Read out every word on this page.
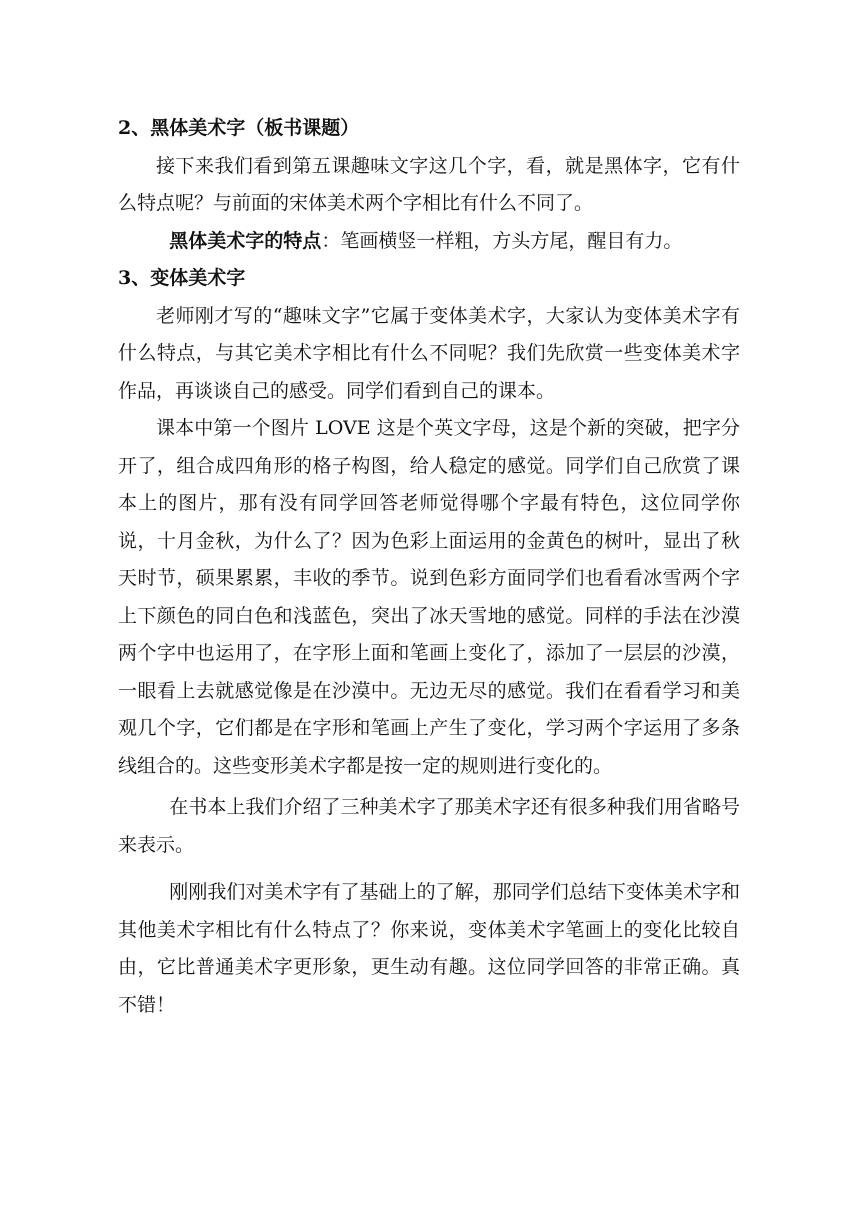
2、黑体美术字（板书课题）

接下来我们看到第五课趣味文字这几个字，看，就是黑体字，它有什么特点呢？与前面的宋体美术两个字相比有什么不同了。

黑体美术字的特点：笔画横竖一样粗，方头方尾，醒目有力。

3、变体美术字

老师刚才写的“趣味文字”它属于变体美术字，大家认为变体美术字有什么特点，与其它美术字相比有什么不同呢？我们先欣赏一些变体美术字作品，再谈谈自己的感受。同学们看到自己的课本。

课本中第一个图片 LOVE 这是个英文字母，这是个新的突破，把字分开了，组合成四角形的格子构图，给人稳定的感觉。同学们自己欣赏了课本上的图片，那有没有同学回答老师觉得哪个字最有特色，这位同学你说，十月金秋，为什么了？因为色彩上面运用的金黄色的树叶，显出了秋天时节，硕果累累，丰收的季节。说到色彩方面同学们也看看冰雪两个字上下颜色的同白色和浅蓝色，突出了冰天雪地的感觉。同样的手法在沙漠两个字中也运用了，在字形上面和笔画上变化了，添加了一层层的沙漠，一眼看上去就感觉像是在沙漠中。无边无尽的感觉。我们在看看学习和美观几个字，它们都是在字形和笔画上产生了变化，学习两个字运用了多条线组合的。这些变形美术字都是按一定的规则进行变化的。

在书本上我们介绍了三种美术字了那美术字还有很多种我们用省略号来表示。

刚刚我们对美术字有了基础上的了解，那同学们总结下变体美术字和其他美术字相比有什么特点了？你来说，变体美术字笔画上的变化比较自由，它比普通美术字更形象，更生动有趣。这位同学回答的非常正确。真不错！
